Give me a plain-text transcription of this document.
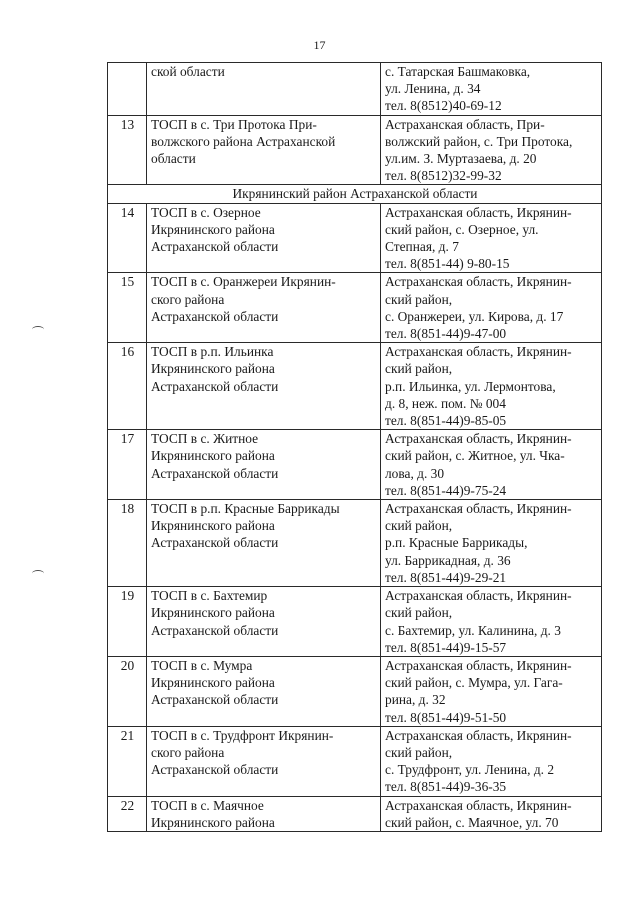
17

	ской области	с. Татарская Башмаковка,
ул. Ленина, д. 34
тел. 8(8512)40-69-12

13	ТОСП в с. Три Протока При-
волжского района Астраханской
области	Астраханская область, При-
волжский район, с. Три Протока,
ул.им. З. Муртазаева, д. 20
тел. 8(8512)32-99-32

Икрянинский район Астраханской области		
14	ТОСП в с. Озерное
Икрянинского района
Астраханской области	Астраханская область, Икрянин-
ский район, с. Озерное, ул.
Степная, д. 7
тел. 8(851-44) 9-80-15

15	ТОСП в с. Оранжереи Икрянин-
ского района
Астраханской области	Астраханская область, Икрянин-
ский район,
с. Оранжереи, ул. Кирова, д. 17
тел. 8(851-44)9-47-00

16	ТОСП в р.п. Ильинка
Икрянинского района
Астраханской области	Астраханская область, Икрянин-
ский район,
р.п. Ильинка, ул. Лермонтова,
д. 8, неж. пом. № 004
тел. 8(851-44)9-85-05

17	ТОСП в с. Житное
Икрянинского района
Астраханской области	Астраханская область, Икрянин-
ский район, с. Житное, ул. Чка-
лова, д. 30
тел. 8(851-44)9-75-24

18	ТОСП в р.п. Красные Баррикады
Икрянинского района
Астраханской области	Астраханская область, Икрянин-
ский район,
р.п. Красные Баррикады,
ул. Баррикадная, д. 36
тел. 8(851-44)9-29-21

19	ТОСП в с. Бахтемир
Икрянинского района
Астраханской области	Астраханская область, Икрянин-
ский район,
с. Бахтемир, ул. Калинина, д. 3
тел. 8(851-44)9-15-57

20	ТОСП в с. Мумра
Икрянинского района
Астраханской области	Астраханская область, Икрянин-
ский район, с. Мумра, ул. Гага-
рина, д. 32
тел. 8(851-44)9-51-50

21	ТОСП в с. Трудфронт Икрянин-
ского района
Астраханской области	Астраханская область, Икрянин-
ский район,
с. Трудфронт, ул. Ленина, д. 2
тел. 8(851-44)9-36-35

22	ТОСП в с. Маячное
Икрянинского района	Астраханская область, Икрянин-
ский район, с. Маячное, ул. 70
